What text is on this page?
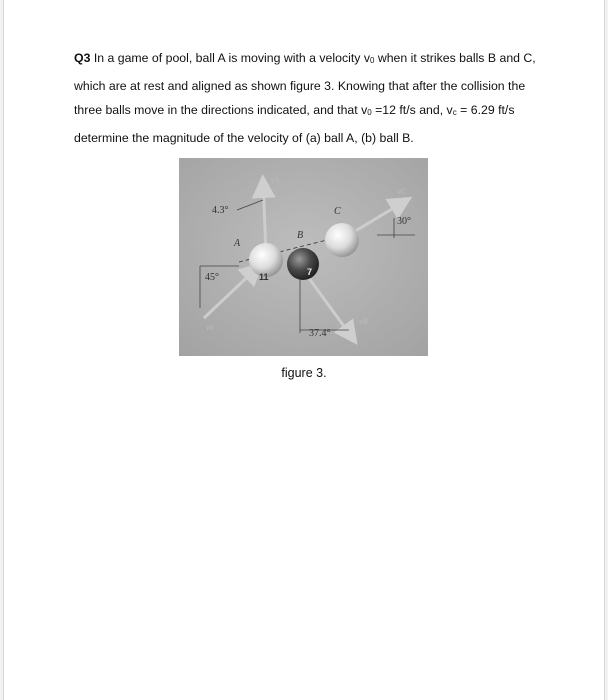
Q3 In a game of pool, ball A is moving with a velocity v0 when it strikes balls B and C, which are at rest and aligned as shown figure 3. Knowing that after the collision the three balls move in the directions indicated, and that v0 =12 ft/s and, vc = 6.29 ft/s determine the magnitude of the velocity of (a) ball A, (b) ball B.
11	7
4.3°
45°
37.4°
30°
A
B
C
vA
v0
vB
vC
figure 3.
